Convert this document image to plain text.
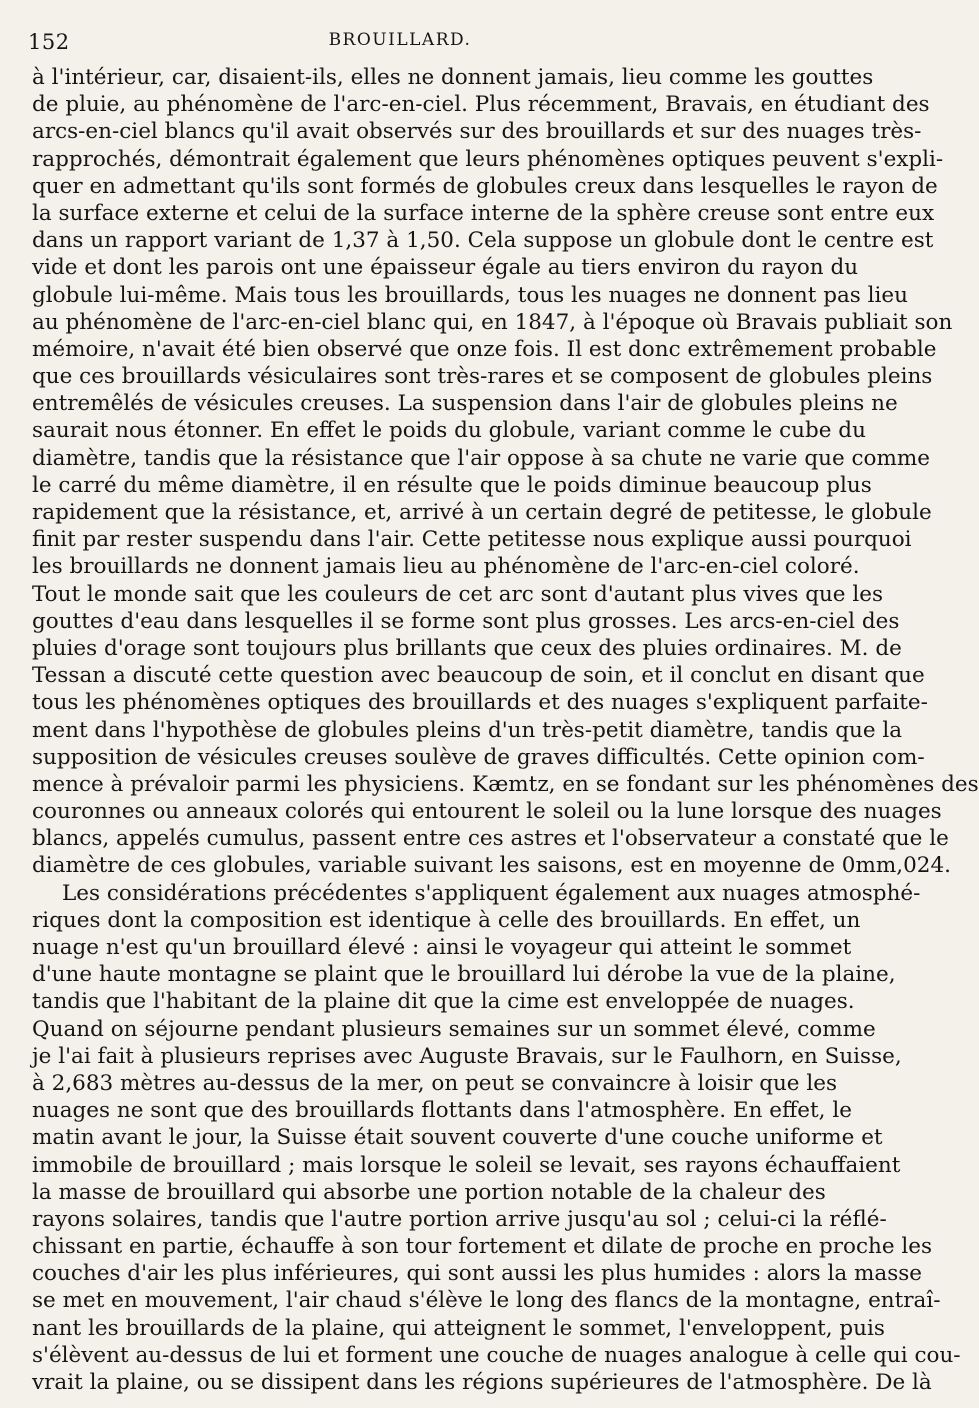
152	BROUILLARD.
à l'intérieur, car, disaient-ils, elles ne donnent jamais, lieu comme les gouttes
de pluie, au phénomène de l'arc-en-ciel. Plus récemment, Bravais, en étudiant des
arcs-en-ciel blancs qu'il avait observés sur des brouillards et sur des nuages très-
rapprochés, démontrait également que leurs phénomènes optiques peuvent s'expli-
quer en admettant qu'ils sont formés de globules creux dans lesquelles le rayon de
la surface externe et celui de la surface interne de la sphère creuse sont entre eux
dans un rapport variant de 1,37 à 1,50. Cela suppose un globule dont le centre est
vide et dont les parois ont une épaisseur égale au tiers environ du rayon du
globule lui-même. Mais tous les brouillards, tous les nuages ne donnent pas lieu
au phénomène de l'arc-en-ciel blanc qui, en 1847, à l'époque où Bravais publiait son
mémoire, n'avait été bien observé que onze fois. Il est donc extrêmement probable
que ces brouillards vésiculaires sont très-rares et se composent de globules pleins
entremêlés de vésicules creuses. La suspension dans l'air de globules pleins ne
saurait nous étonner. En effet le poids du globule, variant comme le cube du
diamètre, tandis que la résistance que l'air oppose à sa chute ne varie que comme
le carré du même diamètre, il en résulte que le poids diminue beaucoup plus
rapidement que la résistance, et, arrivé à un certain degré de petitesse, le globule
finit par rester suspendu dans l'air. Cette petitesse nous explique aussi pourquoi
les brouillards ne donnent jamais lieu au phénomène de l'arc-en-ciel coloré.
Tout le monde sait que les couleurs de cet arc sont d'autant plus vives que les
gouttes d'eau dans lesquelles il se forme sont plus grosses. Les arcs-en-ciel des
pluies d'orage sont toujours plus brillants que ceux des pluies ordinaires. M. de
Tessan a discuté cette question avec beaucoup de soin, et il conclut en disant que
tous les phénomènes optiques des brouillards et des nuages s'expliquent parfaite-
ment dans l'hypothèse de globules pleins d'un très-petit diamètre, tandis que la
supposition de vésicules creuses soulève de graves difficultés. Cette opinion com-
mence à prévaloir parmi les physiciens. Kæmtz, en se fondant sur les phénomènes des
couronnes ou anneaux colorés qui entourent le soleil ou la lune lorsque des nuages
blancs, appelés cumulus, passent entre ces astres et l'observateur a constaté que le
diamètre de ces globules, variable suivant les saisons, est en moyenne de 0mm,024.
Les considérations précédentes s'appliquent également aux nuages atmosphé-
riques dont la composition est identique à celle des brouillards. En effet, un
nuage n'est qu'un brouillard élevé : ainsi le voyageur qui atteint le sommet
d'une haute montagne se plaint que le brouillard lui dérobe la vue de la plaine,
tandis que l'habitant de la plaine dit que la cime est enveloppée de nuages.
Quand on séjourne pendant plusieurs semaines sur un sommet élevé, comme
je l'ai fait à plusieurs reprises avec Auguste Bravais, sur le Faulhorn, en Suisse,
à 2,683 mètres au-dessus de la mer, on peut se convaincre à loisir que les
nuages ne sont que des brouillards flottants dans l'atmosphère. En effet, le
matin avant le jour, la Suisse était souvent couverte d'une couche uniforme et
immobile de brouillard ; mais lorsque le soleil se levait, ses rayons échauffaient
la masse de brouillard qui absorbe une portion notable de la chaleur des
rayons solaires, tandis que l'autre portion arrive jusqu'au sol ; celui-ci la réflé-
chissant en partie, échauffe à son tour fortement et dilate de proche en proche les
couches d'air les plus inférieures, qui sont aussi les plus humides : alors la masse
se met en mouvement, l'air chaud s'élève le long des flancs de la montagne, entraî-
nant les brouillards de la plaine, qui atteignent le sommet, l'enveloppent, puis
s'élèvent au-dessus de lui et forment une couche de nuages analogue à celle qui cou-
vrait la plaine, ou se dissipent dans les régions supérieures de l'atmosphère. De là
